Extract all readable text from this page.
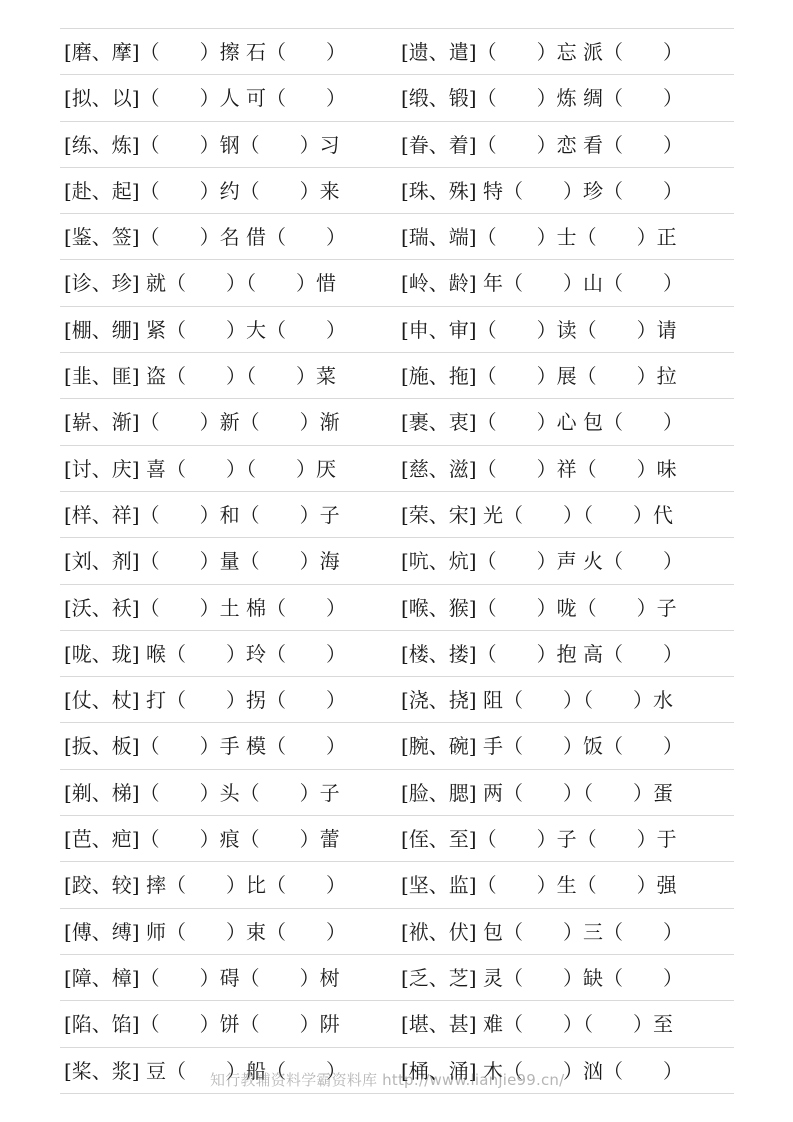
[磨、摩]（　　）擦 石（　　）	[遗、遣]（　　）忘 派（　　）
[拟、以]（　　）人 可（　　）	[缎、锻]（　　）炼 绸（　　）
[练、炼]（　　）钢（　　）习	[眷、着]（　　）恋 看（　　）
[赴、起]（　　）约（　　）来	[珠、殊] 特（　　）珍（　　）
[鉴、签]（　　）名 借（　　）	[瑞、端]（　　）士（　　）正
[诊、珍] 就（　　）（　　）惜	[岭、龄] 年（　　）山（　　）
[棚、绷] 紧（　　）大（　　）	[申、审]（　　）读（　　）请
[韭、匪] 盗（　　）（　　）菜	[施、拖]（　　）展（　　）拉
[崭、渐]（　　）新（　　）渐	[裹、衷]（　　）心 包（　　）
[讨、庆] 喜（　　）（　　）厌	[慈、滋]（　　）祥（　　）味
[样、祥]（　　）和（　　）子	[荣、宋] 光（　　）（　　）代
[刘、剂]（　　）量（　　）海	[吭、炕]（　　）声 火（　　）
[沃、袄]（　　）土 棉（　　）	[喉、猴]（　　）咙（　　）子
[咙、珑] 喉（　　）玲（　　）	[楼、搂]（　　）抱 高（　　）
[仗、杖] 打（　　）拐（　　）	[浇、挠] 阻（　　）（　　）水
[扳、板]（　　）手 模（　　）	[腕、碗] 手（　　）饭（　　）
[剃、梯]（　　）头（　　）子	[脸、腮] 两（　　）（　　）蛋
[芭、疤]（　　）痕（　　）蕾	[侄、至]（　　）子（　　）于
[跤、较] 摔（　　）比（　　）	[坚、监]（　　）生（　　）强
[傅、缚] 师（　　）束（　　）	[袱、伏] 包（　　）三（　　）
[障、樟]（　　）碍（　　）树	[乏、芝] 灵（　　）缺（　　）
[陷、馅]（　　）饼（　　）阱	[堪、甚] 难（　　）（　　）至
[桨、浆] 豆（　　）船（　　）	[桶、涌] 木（　　）汹（　　）
知行教辅资料学霸资料库 http://www.lianjie99.cn/
